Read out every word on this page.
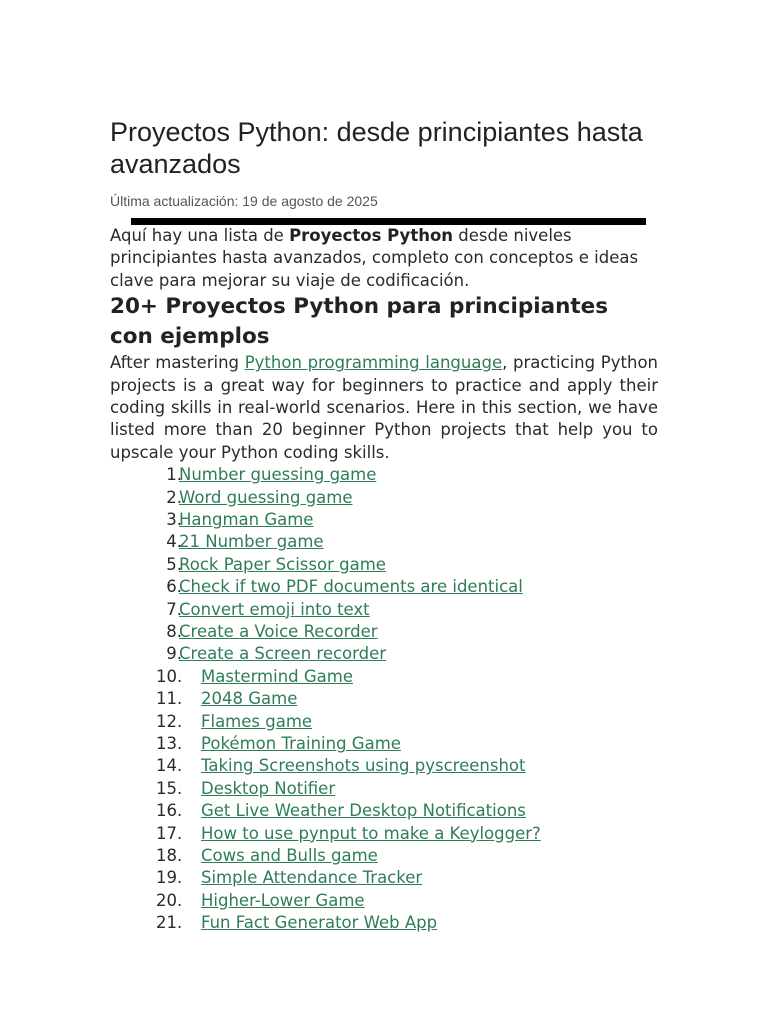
Proyectos Python: desde principiantes hasta avanzados
Última actualización: 19 de agosto de 2025

Aquí hay una lista de Proyectos Python desde niveles principiantes hasta avanzados, completo con conceptos e ideas clave para mejorar su viaje de codificación.

20+ Proyectos Python para principiantes con ejemplos

After mastering Python programming language, practicing Python projects is a great way for beginners to practice and apply their coding skills in real-world scenarios. Here in this section, we have listed more than 20 beginner Python projects that help you to upscale your Python coding skills.

1.
Number guessing game
2.
Word guessing game
3.
Hangman Game
4.
21 Number game
5.
Rock Paper Scissor game
6.
Check if two PDF documents are identical
7.
Convert emoji into text
8.
Create a Voice Recorder
9.
Create a Screen recorder
10. Mastermind Game
11. 2048 Game
12. Flames game
13. Pokémon Training Game
14. Taking Screenshots using pyscreenshot
15. Desktop Notifier
16. Get Live Weather Desktop Notifications
17. How to use pynput to make a Keylogger?
18. Cows and Bulls game
19. Simple Attendance Tracker
20. Higher-Lower Game
21. Fun Fact Generator Web App
